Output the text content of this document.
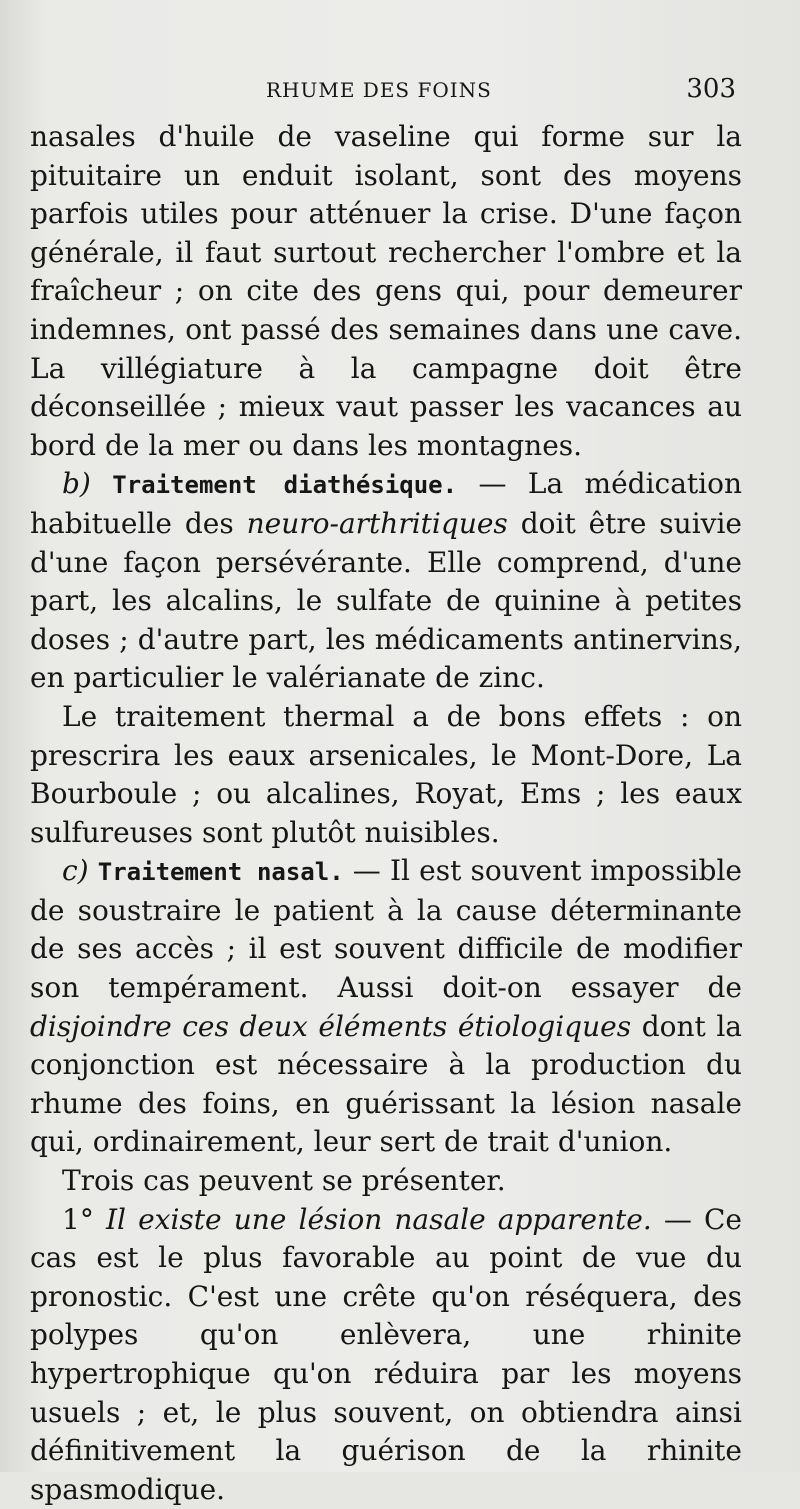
RHUME DES FOINS	303

nasales d'huile de vaseline qui forme sur la pituitaire un enduit isolant, sont des moyens parfois utiles pour atténuer la crise. D'une façon générale, il faut surtout rechercher l'ombre et la fraîcheur ; on cite des gens qui, pour demeurer indemnes, ont passé des semaines dans une cave. La villégiature à la campagne doit être déconseillée ; mieux vaut passer les vacances au bord de la mer ou dans les montagnes.

b) Traitement diathésique. — La médication habituelle des neuro-arthritiques doit être suivie d'une façon persévérante. Elle comprend, d'une part, les alcalins, le sulfate de quinine à petites doses ; d'autre part, les médicaments antinervins, en particulier le valérianate de zinc.

Le traitement thermal a de bons effets : on prescrira les eaux arsenicales, le Mont-Dore, La Bourboule ; ou alcalines, Royat, Ems ; les eaux sulfureuses sont plutôt nuisibles.

c) Traitement nasal. — Il est souvent impossible de soustraire le patient à la cause déterminante de ses accès ; il est souvent difficile de modifier son tempérament. Aussi doit-on essayer de disjoindre ces deux éléments étiologiques dont la conjonction est nécessaire à la production du rhume des foins, en guérissant la lésion nasale qui, ordinairement, leur sert de trait d'union.

Trois cas peuvent se présenter.

1° Il existe une lésion nasale apparente. — Ce cas est le plus favorable au point de vue du pronostic. C'est une crête qu'on réséquera, des polypes qu'on enlèvera, une rhinite hypertrophique qu'on réduira par les moyens usuels ; et, le plus souvent, on obtiendra ainsi définitivement la guérison de la rhinite spasmodique.
